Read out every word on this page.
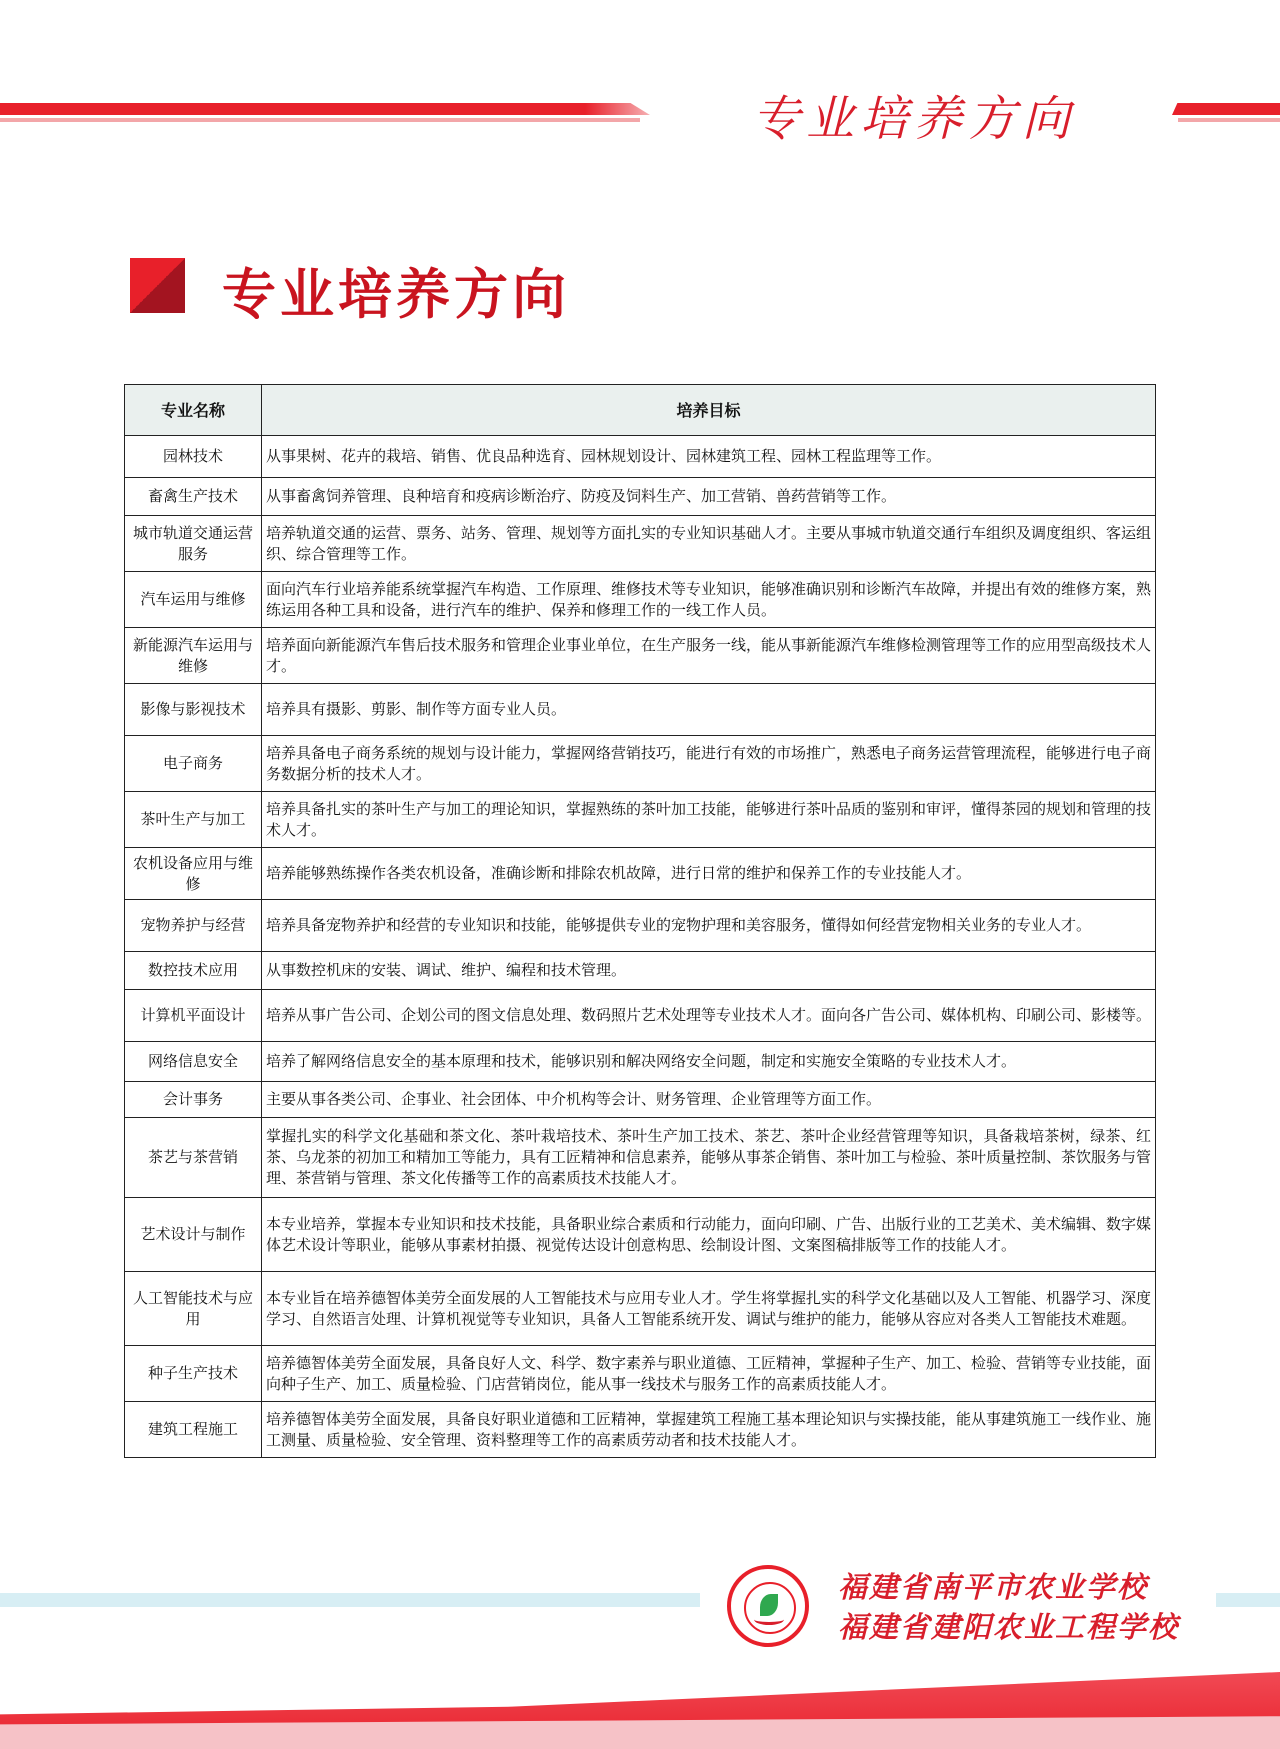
专业培养方向
专业培养方向
专业名称	培养目标
园林技术	从事果树、花卉的栽培、销售、优良品种选育、园林规划设计、园林建筑工程、园林工程监理等工作。
畜禽生产技术	从事畜禽饲养管理、良种培育和疫病诊断治疗、防疫及饲料生产、加工营销、兽药营销等工作。
城市轨道交通运营服务	培养轨道交通的运营、票务、站务、管理、规划等方面扎实的专业知识基础人才。主要从事城市轨道交通行车组织及调度组织、客运组织、综合管理等工作。
汽车运用与维修	面向汽车行业培养能系统掌握汽车构造、工作原理、维修技术等专业知识，能够准确识别和诊断汽车故障，并提出有效的维修方案，熟练运用各种工具和设备，进行汽车的维护、保养和修理工作的一线工作人员。
新能源汽车运用与维修	培养面向新能源汽车售后技术服务和管理企业事业单位，在生产服务一线，能从事新能源汽车维修检测管理等工作的应用型高级技术人才。
影像与影视技术	培养具有摄影、剪影、制作等方面专业人员。
电子商务	培养具备电子商务系统的规划与设计能力，掌握网络营销技巧，能进行有效的市场推广，熟悉电子商务运营管理流程，能够进行电子商务数据分析的技术人才。
茶叶生产与加工	培养具备扎实的茶叶生产与加工的理论知识，掌握熟练的茶叶加工技能，能够进行茶叶品质的鉴别和审评，懂得茶园的规划和管理的技术人才。
农机设备应用与维修	培养能够熟练操作各类农机设备，准确诊断和排除农机故障，进行日常的维护和保养工作的专业技能人才。
宠物养护与经营	培养具备宠物养护和经营的专业知识和技能，能够提供专业的宠物护理和美容服务，懂得如何经营宠物相关业务的专业人才。
数控技术应用	从事数控机床的安装、调试、维护、编程和技术管理。
计算机平面设计	培养从事广告公司、企划公司的图文信息处理、数码照片艺术处理等专业技术人才。面向各广告公司、媒体机构、印刷公司、影楼等。
网络信息安全	培养了解网络信息安全的基本原理和技术，能够识别和解决网络安全问题，制定和实施安全策略的专业技术人才。
会计事务	主要从事各类公司、企事业、社会团体、中介机构等会计、财务管理、企业管理等方面工作。
茶艺与茶营销	掌握扎实的科学文化基础和茶文化、茶叶栽培技术、茶叶生产加工技术、茶艺、茶叶企业经营管理等知识，具备栽培茶树，绿茶、红茶、乌龙茶的初加工和精加工等能力，具有工匠精神和信息素养，能够从事茶企销售、茶叶加工与检验、茶叶质量控制、茶饮服务与管理、茶营销与管理、茶文化传播等工作的高素质技术技能人才。
艺术设计与制作	本专业培养，掌握本专业知识和技术技能，具备职业综合素质和行动能力，面向印刷、广告、出版行业的工艺美术、美术编辑、数字媒体艺术设计等职业，能够从事素材拍摄、视觉传达设计创意构思、绘制设计图、文案图稿排版等工作的技能人才。
人工智能技术与应用	本专业旨在培养德智体美劳全面发展的人工智能技术与应用专业人才。学生将掌握扎实的科学文化基础以及人工智能、机器学习、深度学习、自然语言处理、计算机视觉等专业知识，具备人工智能系统开发、调试与维护的能力，能够从容应对各类人工智能技术难题。
种子生产技术	培养德智体美劳全面发展，具备良好人文、科学、数字素养与职业道德、工匠精神，掌握种子生产、加工、检验、营销等专业技能，面向种子生产、加工、质量检验、门店营销岗位，能从事一线技术与服务工作的高素质技能人才。
建筑工程施工	培养德智体美劳全面发展，具备良好职业道德和工匠精神，掌握建筑工程施工基本理论知识与实操技能，能从事建筑施工一线作业、施工测量、质量检验、安全管理、资料整理等工作的高素质劳动者和技术技能人才。
福建省南平市农业学校
福建省建阳农业工程学校
